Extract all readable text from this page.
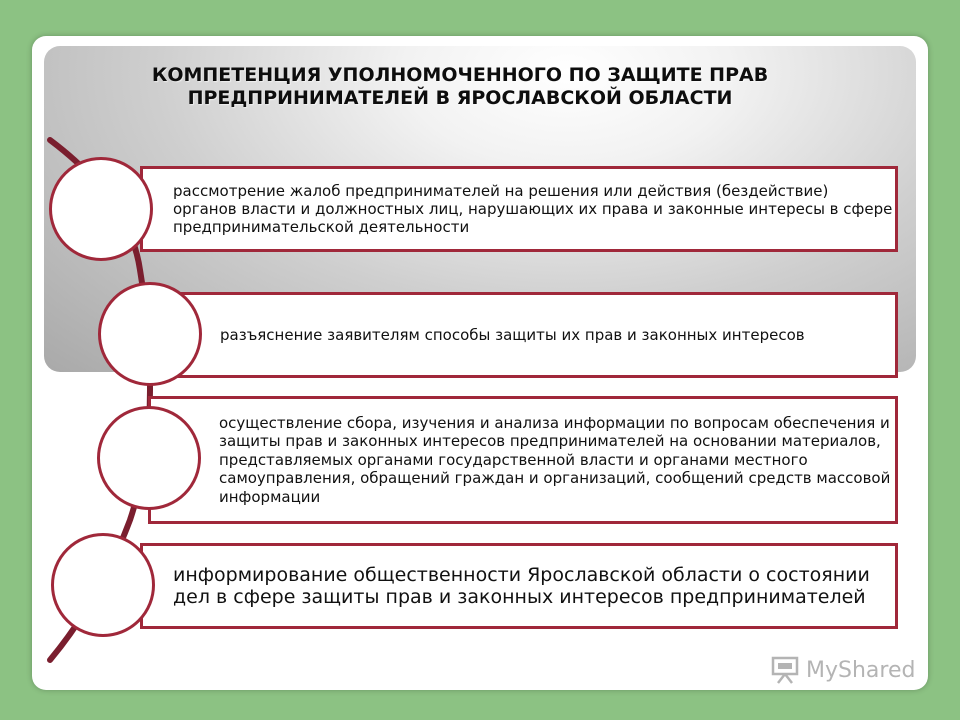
КОМПЕТЕНЦИЯ УПОЛНОМОЧЕННОГО ПО ЗАЩИТЕ ПРАВ
ПРЕДПРИНИМАТЕЛЕЙ В ЯРОСЛАВСКОЙ ОБЛАСТИ

рассмотрение жалоб предпринимателей на решения или действия (бездействие) органов власти и должностных лиц, нарушающих их права и законные интересы в сфере предпринимательской деятельности

разъяснение заявителям способы защиты их прав и законных интересов

осуществление сбора, изучения и анализа информации по вопросам обеспечения и защиты прав и законных интересов предпринимателей на основании материалов, представляемых органами государственной власти и органами местного самоуправления, обращений граждан и организаций, сообщений средств массовой информации

информирование общественности Ярославской области о состоянии дел в сфере защиты прав и законных интересов предпринимателей

MyShared
